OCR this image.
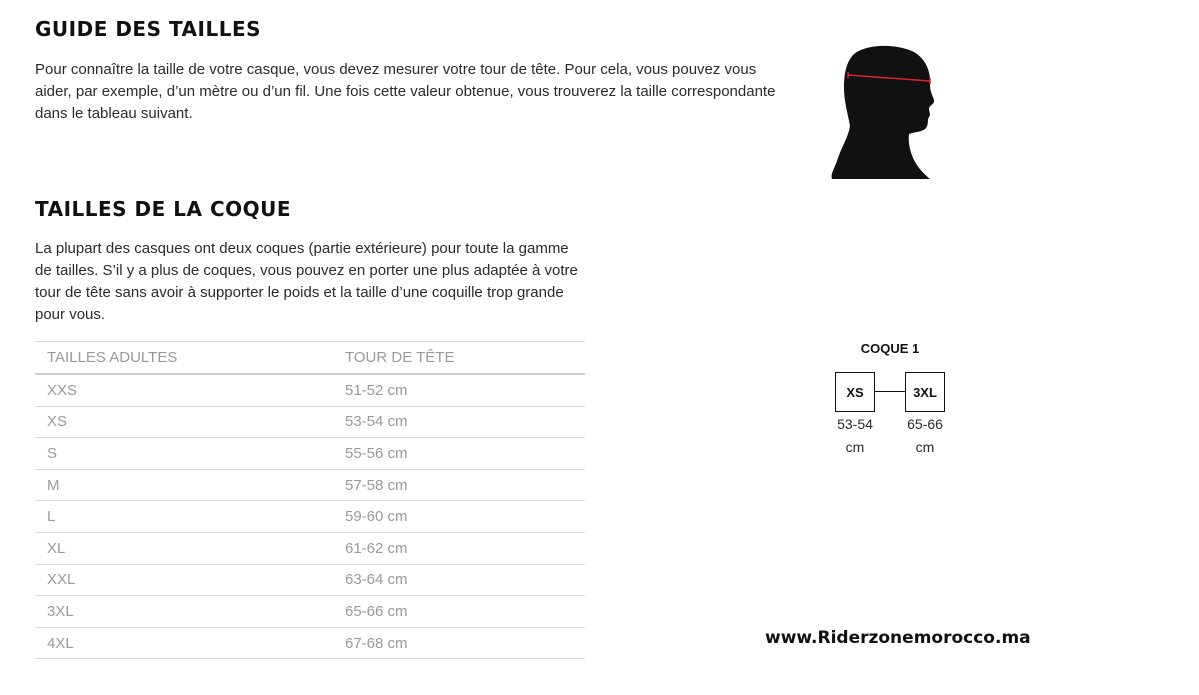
GUIDE DES TAILLES

Pour connaître la taille de votre casque, vous devez mesurer votre tour de tête. Pour cela, vous pouvez vous aider, par exemple, d’un mètre ou d’un fil. Une fois cette valeur obtenue, vous trouverez la taille correspondante dans le tableau suivant.

TAILLES DE LA COQUE

La plupart des casques ont deux coques (partie extérieure) pour toute la gamme de tailles. S’il y a plus de coques, vous pouvez en porter une plus adaptée à votre tour de tête sans avoir à supporter le poids et la taille d’une coquille trop grande pour vous.

TAILLES ADULTES	TOUR DE TÊTE
XXS	51-52 cm
XS	53-54 cm
S	55-56 cm
M	57-58 cm
L	59-60 cm
XL	61-62 cm
XXL	63-64 cm
3XL	65-66 cm
4XL	67-68 cm
COQUE 1
XS	3XL
53-54
cm
65-66
cm
www.Riderzonemorocco.ma
